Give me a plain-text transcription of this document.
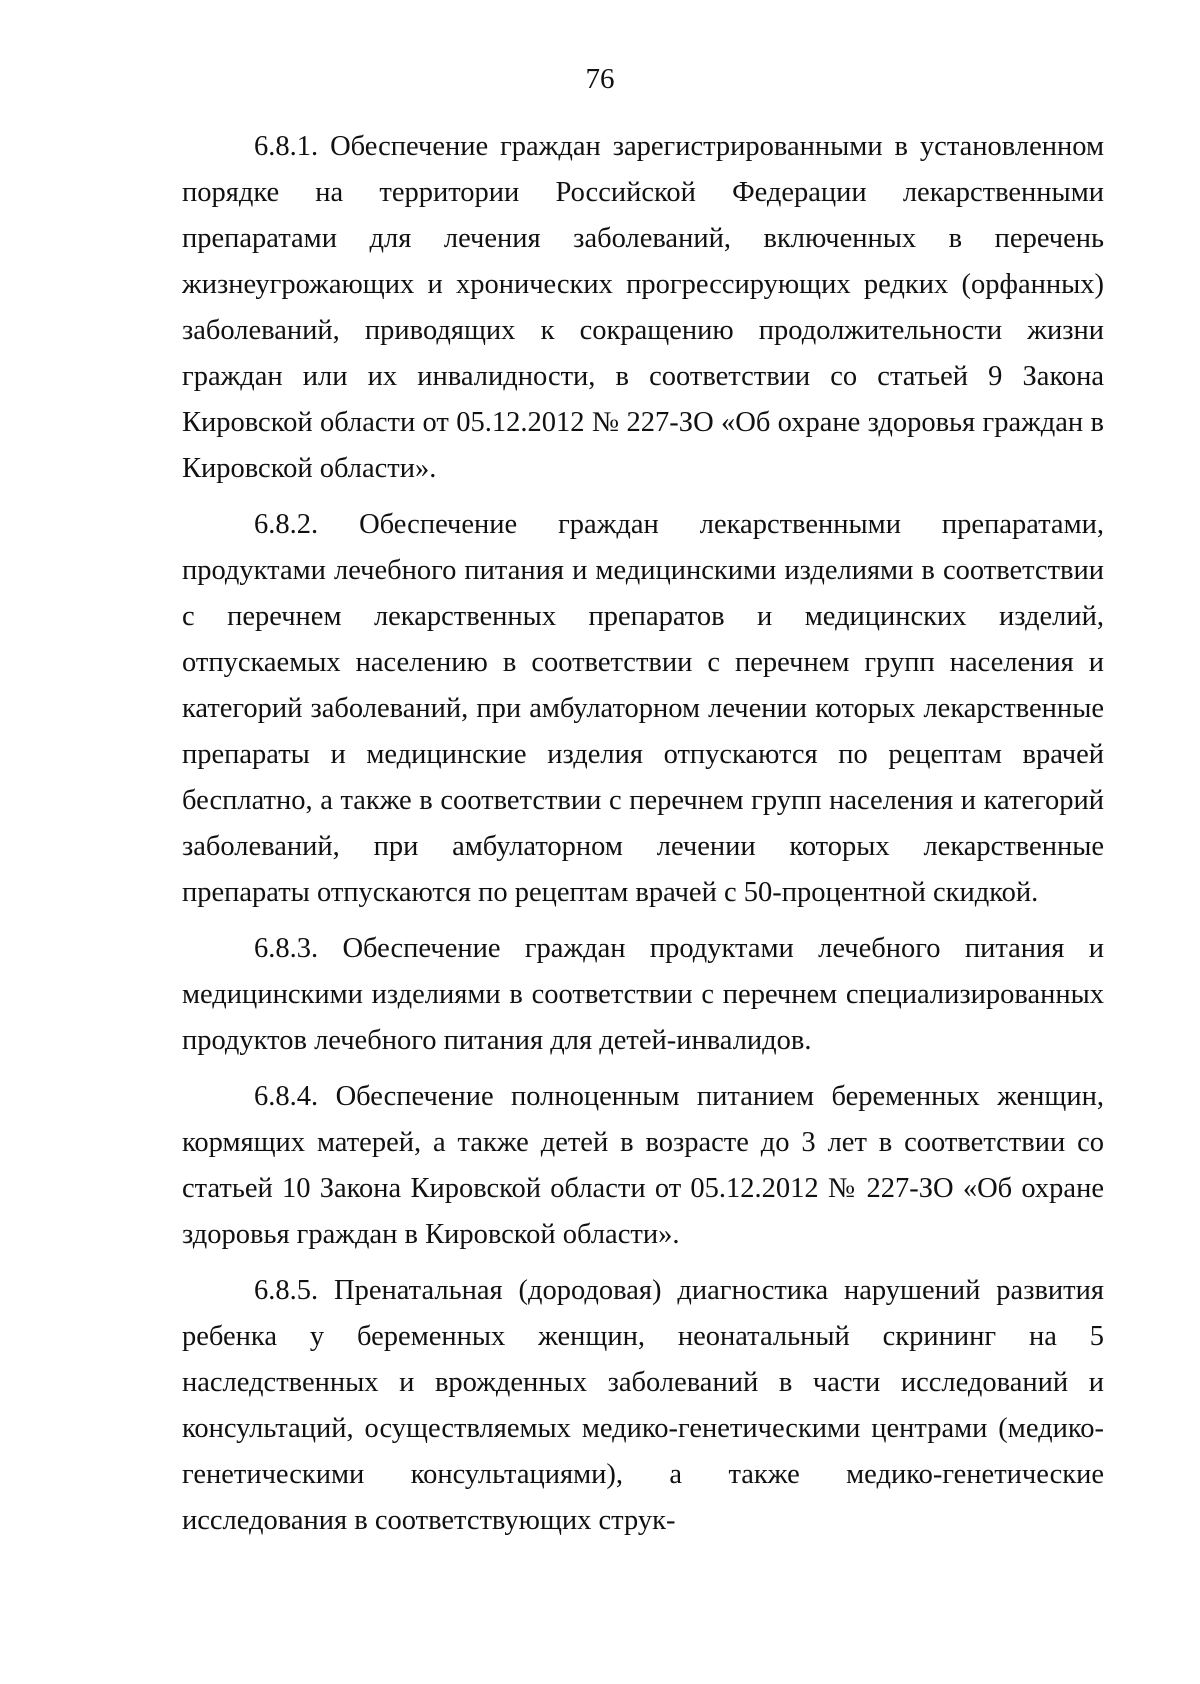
76

6.8.1. Обеспечение граждан зарегистрированными в установленном порядке на территории Российской Федерации лекарственными препаратами для лечения заболеваний, включенных в перечень жизнеугрожающих и хронических прогрессирующих редких (орфанных) заболеваний, приводящих к сокращению продолжительности жизни граждан или их инвалидности, в соответствии со статьей 9 Закона Кировской области от 05.12.2012 № 227-ЗО «Об охране здоровья граждан в Кировской области».

6.8.2. Обеспечение граждан лекарственными препаратами, продуктами лечебного питания и медицинскими изделиями в соответствии с перечнем лекарственных препаратов и медицинских изделий, отпускаемых населению в соответствии с перечнем групп населения и категорий заболеваний, при амбулаторном лечении которых лекарственные препараты и медицинские изделия отпускаются по рецептам врачей бесплатно, а также в соответствии с перечнем групп населения и категорий заболеваний, при амбулаторном лечении которых лекарственные препараты отпускаются по рецептам врачей с 50-процентной скидкой.

6.8.3. Обеспечение граждан продуктами лечебного питания и медицинскими изделиями в соответствии с перечнем специализированных продуктов лечебного питания для детей-инвалидов.

6.8.4. Обеспечение полноценным питанием беременных женщин, кормящих матерей, а также детей в возрасте до 3 лет в соответствии со статьей 10 Закона Кировской области от 05.12.2012 № 227-ЗО «Об охране здоровья граждан в Кировской области».

6.8.5. Пренатальная (дородовая) диагностика нарушений развития ребенка у беременных женщин, неонатальный скрининг на 5 наследственных и врожденных заболеваний в части исследований и консультаций, осуществляемых медико-генетическими центрами (медико-генетическими консультациями), а также медико-генетические исследования в соответствующих струк-
